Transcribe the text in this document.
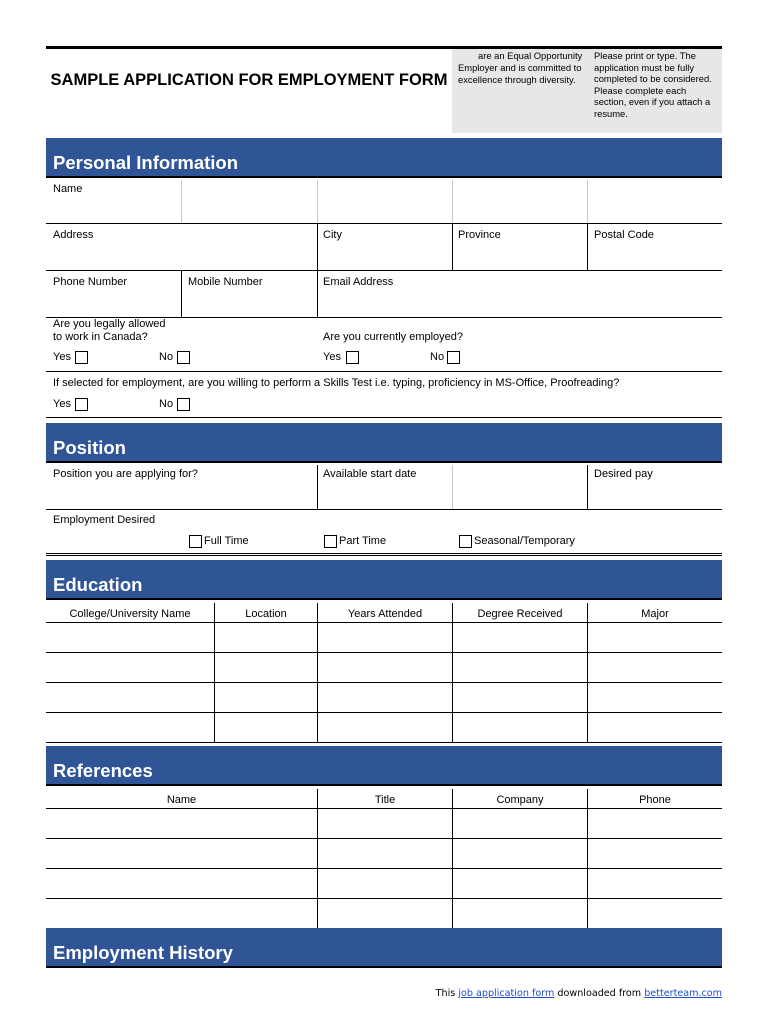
SAMPLE APPLICATION FOR EMPLOYMENT FORM
are an Equal Opportunity Employer and is committed to excellence through diversity.
Please print or type. The application must be fully completed to be considered. Please complete each section, even if you attach a resume.
Personal Information
Name
Address	City	Province	Postal Code
Phone Number	Mobile Number	Email Address
Are you legally allowed
to work in Canada?
Yes	No
Are you currently employed?
Yes	No
If selected for employment, are you willing to perform a Skills Test i.e. typing, proficiency in MS-Office, Proofreading?
Yes	No
Position
Position you are applying for?	Available start date	Desired pay
Employment Desired
Full Time	Part Time	Seasonal/Temporary
Education
College/University Name	Location	Years Attended	Degree Received	Major
References
Name	Title	Company	Phone
Employment History
This job application form downloaded from betterteam.com
